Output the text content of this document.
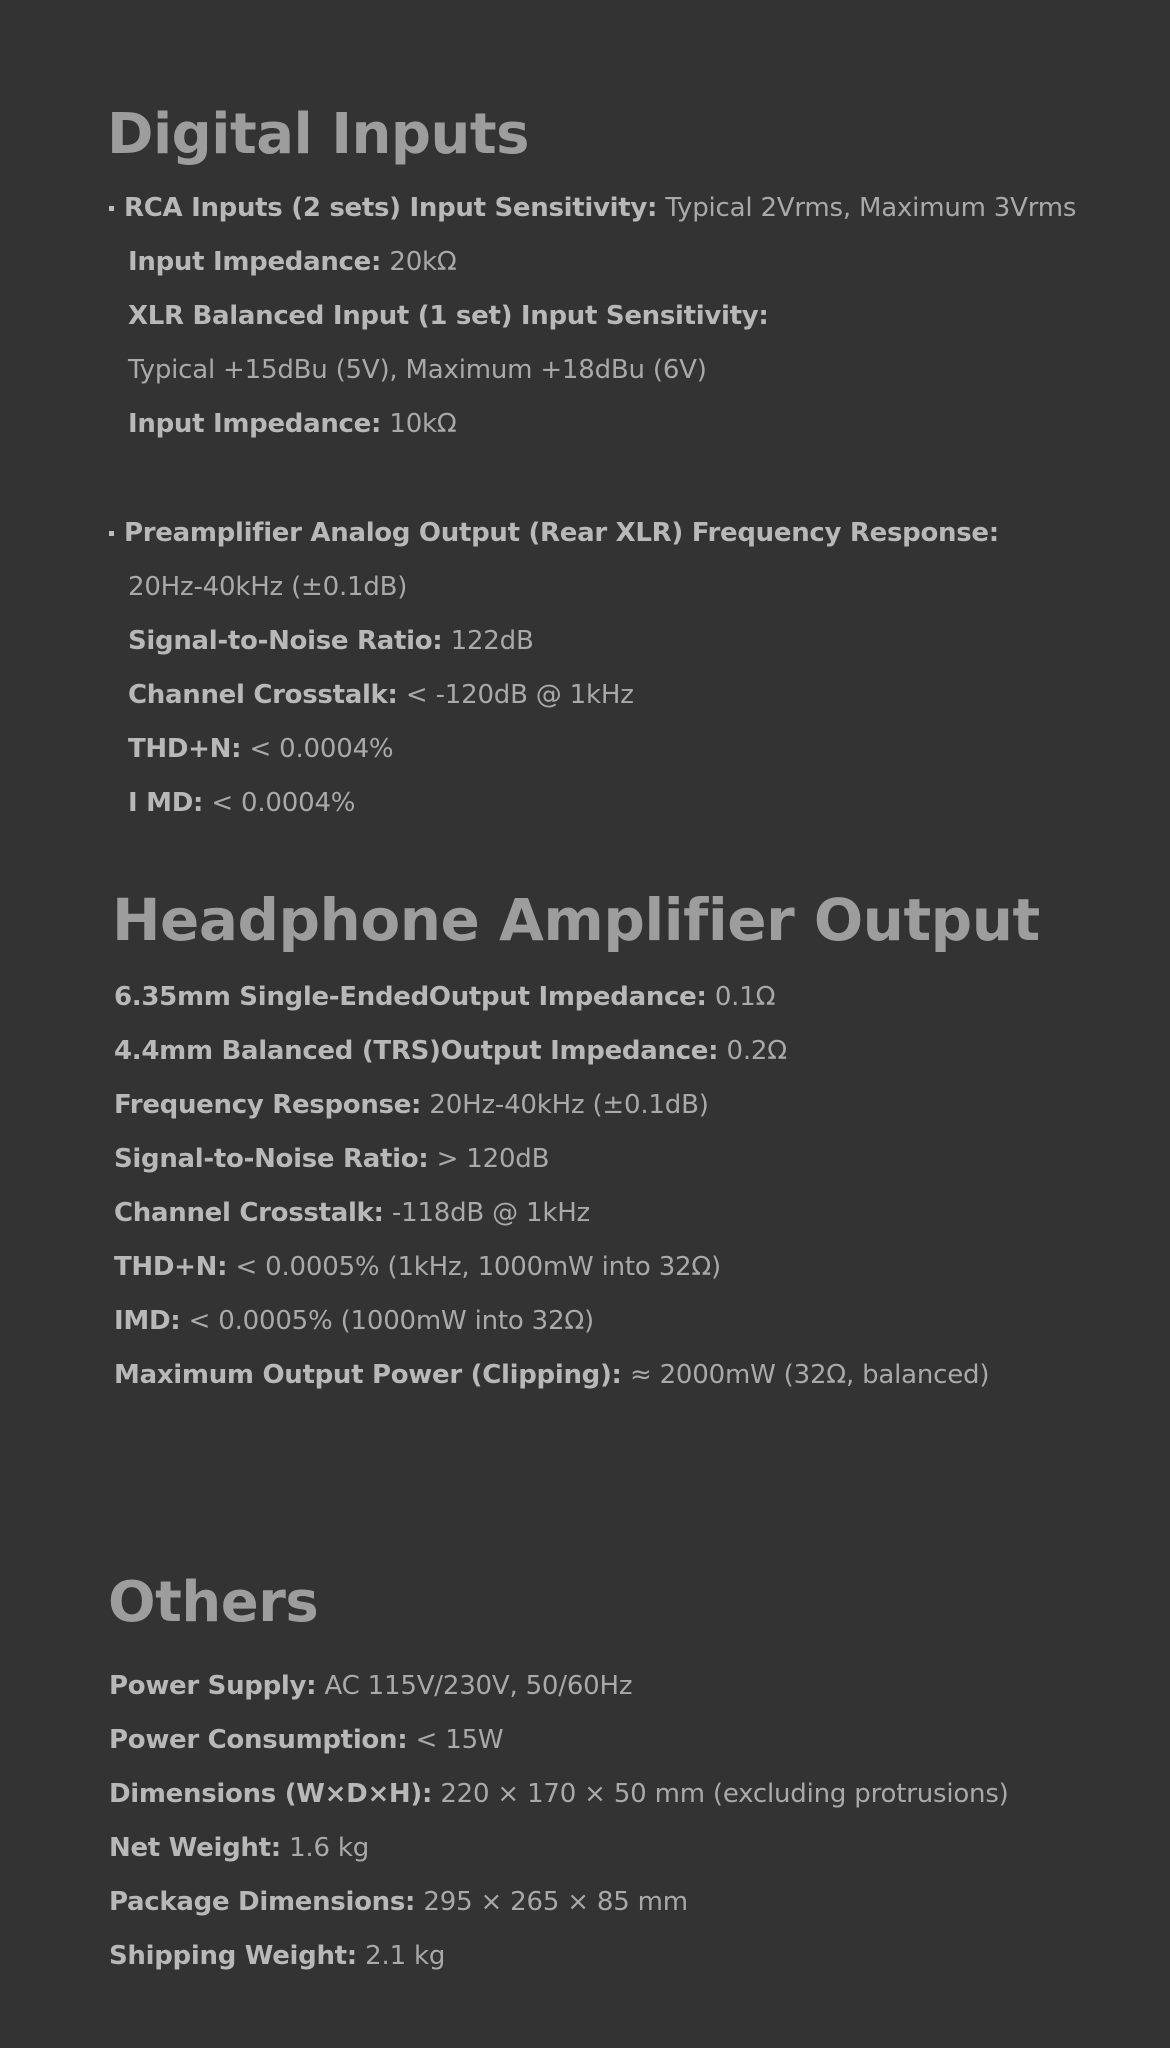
Digital Inputs
RCA Inputs (2 sets) Input Sensitivity: Typical 2Vrms, Maximum 3Vrms
Input Impedance: 20kΩ
XLR Balanced Input (1 set) Input Sensitivity:
Typical +15dBu (5V), Maximum +18dBu (6V)
Input Impedance: 10kΩ
Preamplifier Analog Output (Rear XLR) Frequency Response:
20Hz-40kHz (±0.1dB)
Signal-to-Noise Ratio: 122dB
Channel Crosstalk: < -120dB @ 1kHz
THD+N: < 0.0004%
I MD: < 0.0004%
Headphone Amplifier Output
6.35mm Single-EndedOutput Impedance: 0.1Ω
4.4mm Balanced (TRS)Output Impedance: 0.2Ω
Frequency Response: 20Hz-40kHz (±0.1dB)
Signal-to-Noise Ratio: > 120dB
Channel Crosstalk: -118dB @ 1kHz
THD+N: < 0.0005% (1kHz, 1000mW into 32Ω)
IMD: < 0.0005% (1000mW into 32Ω)
Maximum Output Power (Clipping): ≈ 2000mW (32Ω, balanced)
Others
Power Supply: AC 115V/230V, 50/60Hz
Power Consumption: < 15W
Dimensions (W×D×H): 220 × 170 × 50 mm (excluding protrusions)
Net Weight: 1.6 kg
Package Dimensions: 295 × 265 × 85 mm
Shipping Weight: 2.1 kg
